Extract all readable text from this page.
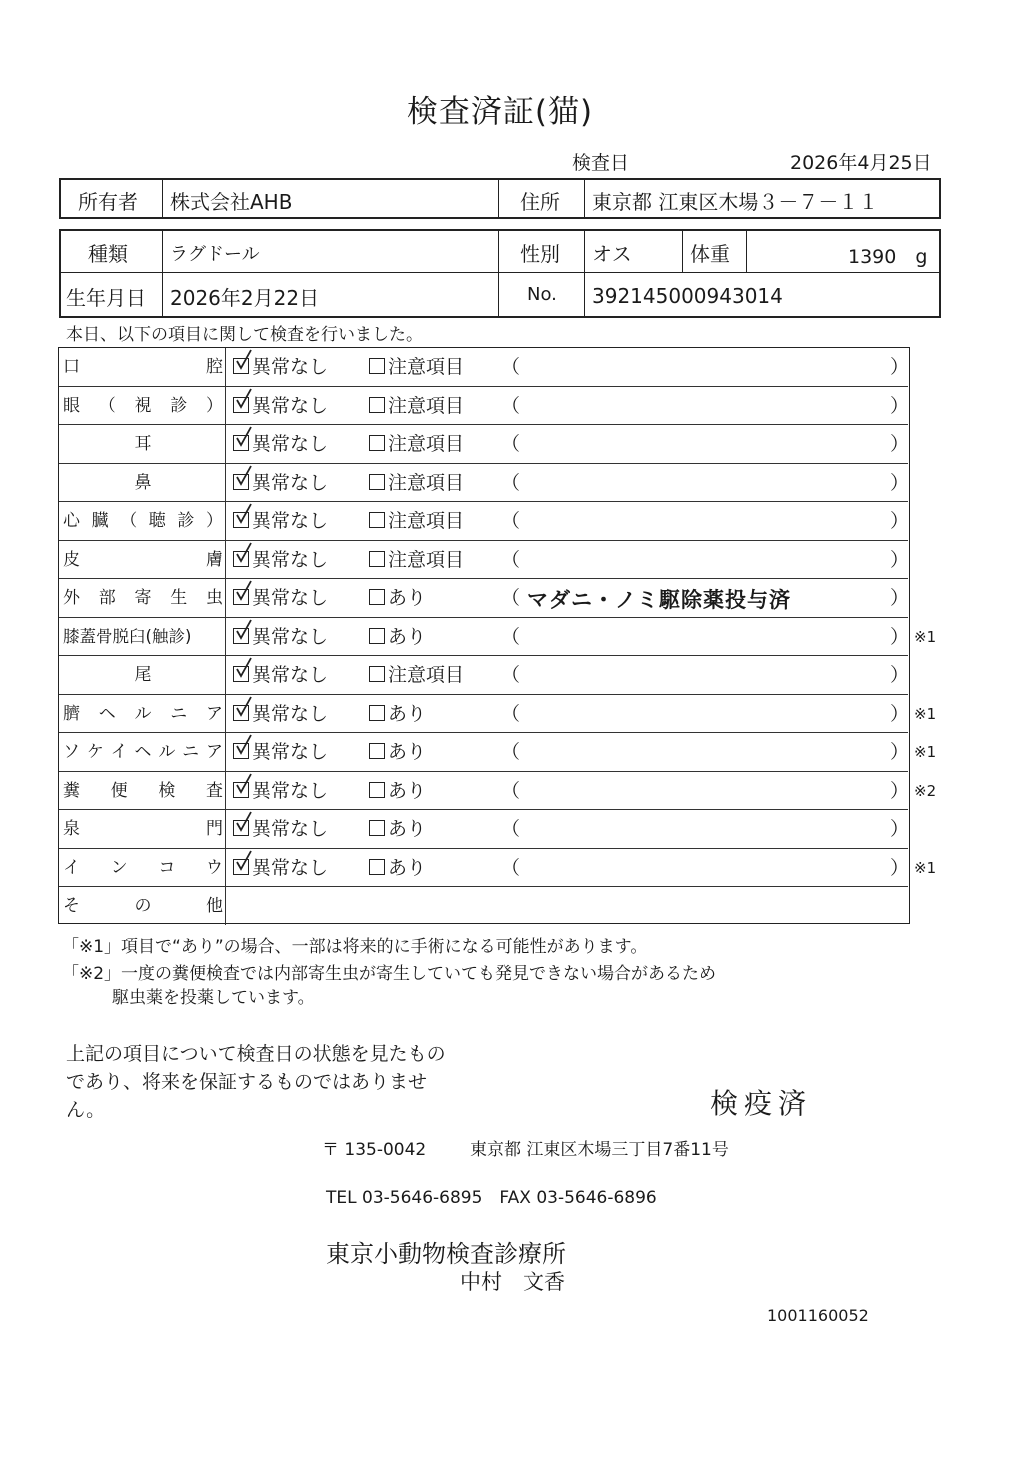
検査済証(猫)
検査日	2026年4月25日
所有者 株式会社AHB	住所 東京都 江東区木場３－７－１１
種類 ラグドール	性別 オス	体重	1390　g
生年月日 2026年2月22日	No. 392145000943014
本日、以下の項目に関して検査を行いました。
口	腔	異常なし	注意項目 （	）
眼 （ 視 診 ）	異常なし	注意項目 （	）
耳	異常なし	注意項目 （	）
鼻	異常なし	注意項目 （	）
心 臓 （ 聴 診 ）	異常なし	注意項目 （	）
皮	膚	異常なし	注意項目 （	）
外 部 寄 生 虫	異常なし	あり	（ マダニ・ノミ駆除薬投与済	）
膝 蓋 骨 脱 臼 ( 触 診 )	異常なし	あり	（	） ※1
尾	異常なし	注意項目 （	）
臍 ヘ ル ニ ア	異常なし	あり	（	） ※1
ソ ケ イ ヘ ル ニ ア	異常なし	あり	（	） ※1
糞 便 検 査	異常なし	あり	（	） ※2
泉	門	異常なし	あり	（	）
イ ン コ ウ	異常なし	あり	（	） ※1
そ	の	他
「※1」項目で“あり”の場合、一部は将来的に手術になる可能性があります。
「※2」一度の糞便検査では内部寄生虫が寄生していても発見できない場合があるため
駆虫薬を投薬しています。
上記の項目について検査日の状態を見たものであり、将来を保証するものではありません。	検疫済
〒 135-0042	東京都 江東区木場三丁目7番11号
TEL 03-5646-6895　FAX 03-5646-6896
東京小動物検査診療所
中村　文香
1001160052
